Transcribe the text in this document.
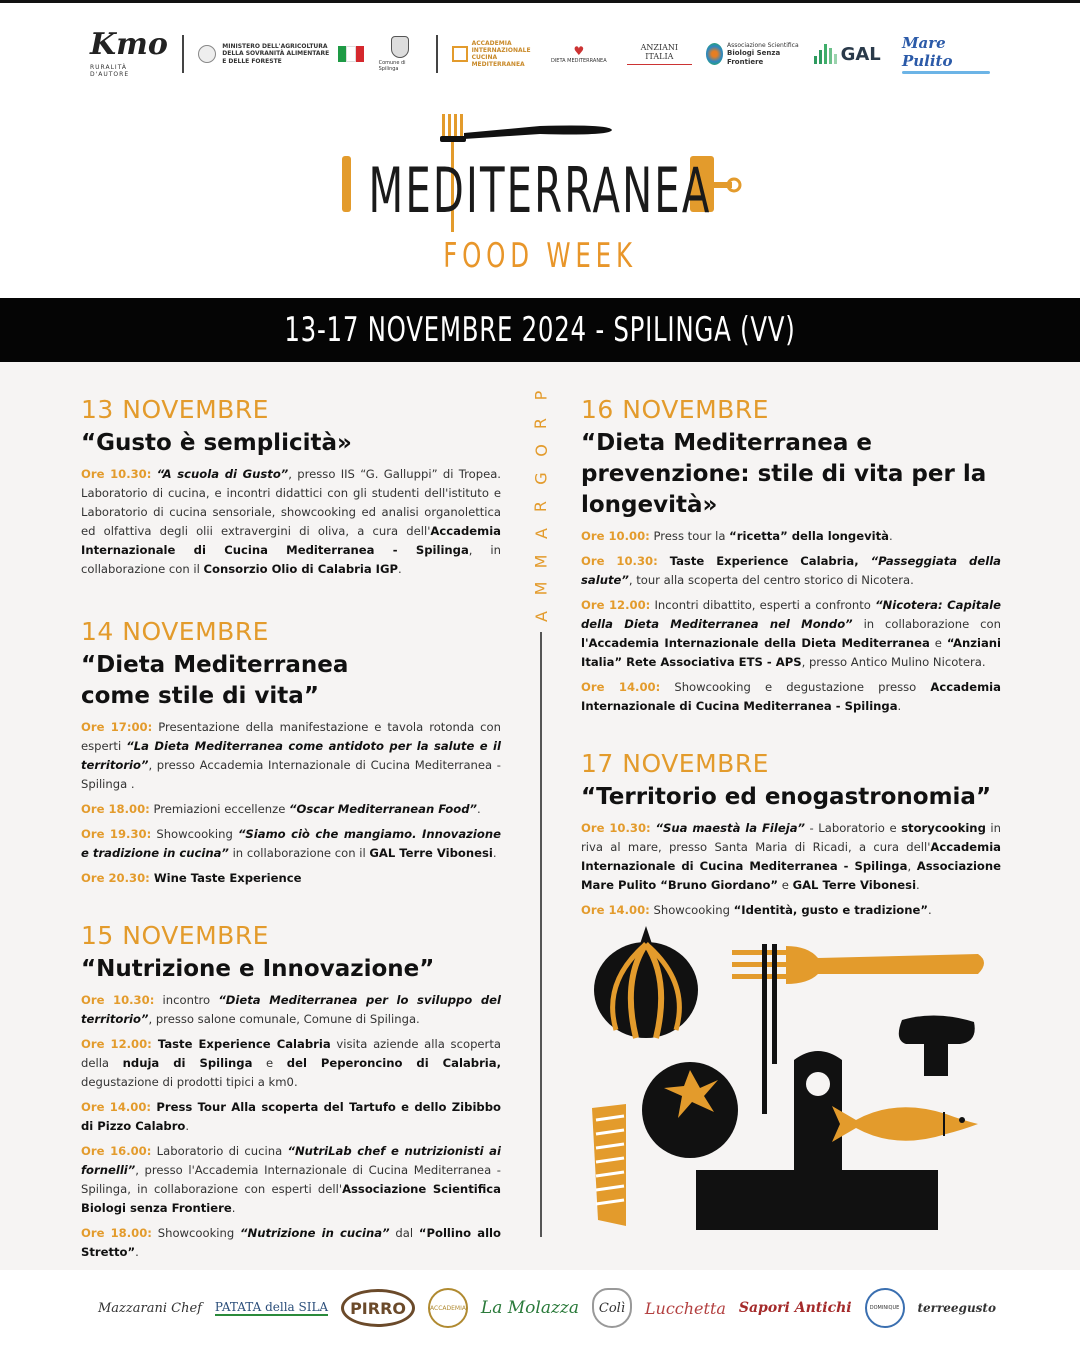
Kmo
RURALITÀ D'AUTORE
MINISTERO DELL'AGRICOLTURA DELLA SOVRANITÀ ALIMENTARE E DELLE FORESTE	Comune di Spilinga
ACCADEMIA INTERNAZIONALE CUCINA MEDITERRANEA
♥
DIETA MEDITERRANEA
ANZIANI ITALIA
Associazione Scientifica
Biologi Senza Frontiere	GAL
Mare Pulito
MEDITERRANEA
FOOD WEEK
13-17 NOVEMBRE 2024 - SPILINGA (VV)
P
R
O
G
R
A
M
M
A
13 NOVEMBRE
“Gusto è semplicità»
Ore 10.30: “A scuola di Gusto”, presso IIS “G. Galluppi” di Tropea. Laboratorio di cucina, e incontri didattici con gli studenti dell'istituto e Laboratorio di cucina sensoriale, showcooking ed analisi organolettica ed olfattiva degli olii extravergini di oliva, a cura dell'Accademia Internazionale di Cucina Mediterranea - Spilinga, in collaborazione con il Consorzio Olio di Calabria IGP.
14 NOVEMBRE
“Dieta Mediterranea come stile di vita”
Ore 17:00: Presentazione della manifestazione e tavola rotonda con esperti “La Dieta Mediterranea come antidoto per la salute e il territorio”, presso Accademia Internazionale di Cucina Mediterranea - Spilinga .
Ore 18.00: Premiazioni eccellenze “Oscar Mediterranean Food”.
Ore 19.30: Showcooking “Siamo ciò che mangiamo. Innovazione e tradizione in cucina” in collaborazione con il GAL Terre Vibonesi.
Ore 20.30: Wine Taste Experience
15 NOVEMBRE
“Nutrizione e Innovazione”
Ore 10.30: incontro “Dieta Mediterranea per lo sviluppo del territorio”, presso salone comunale, Comune di Spilinga.
Ore 12.00: Taste Experience Calabria visita aziende alla scoperta della nduja di Spilinga e del Peperoncino di Calabria, degustazione di prodotti tipici a km0.
Ore 14.00: Press Tour Alla scoperta del Tartufo e dello Zibibbo di Pizzo Calabro.
Ore 16.00: Laboratorio di cucina “NutriLab chef e nutrizionisti ai fornelli”, presso l'Accademia Internazionale di Cucina Mediterranea - Spilinga, in collaborazione con esperti dell'Associazione Scientifica Biologi senza Frontiere.
Ore 18.00: Showcooking “Nutrizione in cucina” dal “Pollino allo Stretto”.
16 NOVEMBRE
“Dieta Mediterranea e prevenzione: stile di vita per la longevità»
Ore 10.00: Press tour la “ricetta” della longevità.
Ore 10.30: Taste Experience Calabria, “Passeggiata della salute”, tour alla scoperta del centro storico di Nicotera.
Ore 12.00: Incontri dibattito, esperti a confronto “Nicotera: Capitale della Dieta Mediterranea nel Mondo” in collaborazione con l'Accademia Internazionale della Dieta Mediterranea e “Anziani Italia” Rete Associativa ETS - APS, presso Antico Mulino Nicotera.
Ore 14.00: Showcooking e degustazione presso Accademia Internazionale di Cucina Mediterranea - Spilinga.
17 NOVEMBRE
“Territorio ed enogastronomia”
Ore 10.30: “Sua maestà la Fileja” - Laboratorio e storycooking in riva al mare, presso Santa Maria di Ricadi, a cura dell'Accademia Internazionale di Cucina Mediterranea - Spilinga, Associazione Mare Pulito “Bruno Giordano” e GAL Terre Vibonesi.
Ore 14.00: Showcooking “Identità, gusto e tradizione”.
Mazzarani Chef PATATA della SILA	PIRRO	ACCADEMIA La Molazza	Colì	Lucchetta Sapori Antichi	DOMINIQUE	terreegusto
